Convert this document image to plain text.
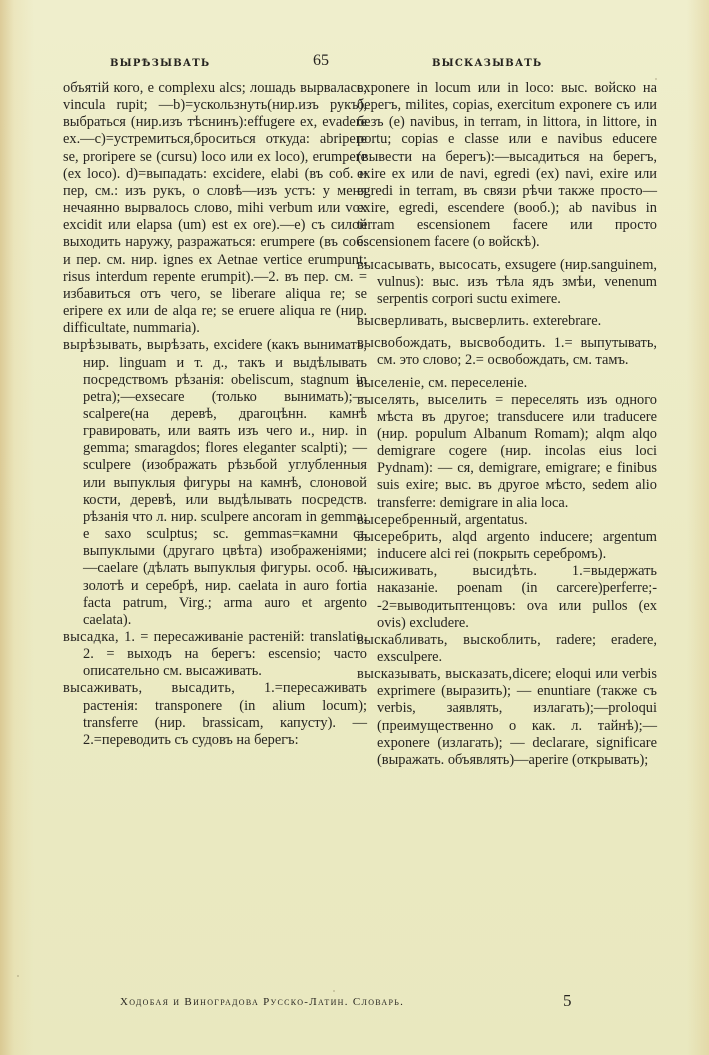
ВЫРѢЗЫВАТЬ	65	ВЫСКАЗЫВАТЬ

объятій кого, e complexu alcs; лошадь вырвалась, vincula rupit; —b)=ускользнуть(нир.изъ рукъ), выбраться (нир.изъ тѣснинъ):effugere ex, evadere ex.—c)=устремиться,броситься откуда: abripere se, proripere se (cursu) loco или ex loco), erumpere (ex loco). d)=выпадать: excidere, elabi (въ соб. и пер, см.: изъ рукъ, о словѣ—изъ устъ: у меня нечаянно вырвалось слово, mihi verbum или vox excidit или elapsa (um) est ex ore).—e) съ силой выходить наружу, разражаться: erumpere (въ соб. и пер. см. нир. ignes ex Aetnae vertice erumpunt; risus interdum repente erumpit).—2. въ пер. см. = избавиться отъ чего, se liberare aliqua re; se eripere ex или de alqa re; se eruere aliqua re (нир. difficultate, nummaria).

вырѣзывать, вырѣзать, excidere (какъ вынимать, нир. linguam и т. д., такъ и выдѣлывать посредствомъ рѣзанія: obeliscum, stagnum in petra);—exsecare (только вынимать);—scalpere(на деревѣ, драгоцѣнн. камнѣ гравировать, или ваять изъ чего и., нир. in gemma; smaragdos; flores eleganter scalpti); — sculpere (изображать рѣзьбой углубленныя или выпуклыя фигуры на камнѣ, слоновой кости, деревѣ, или выдѣлывать посредств. рѣзанія что л. нир. sculpere ancoram in gemma; e saxo sculptus; sc. gemmas=камни съ выпуклыми (другаго цвѣта) изображеніями;—caelare (дѣлать выпуклыя фигуры. особ. на золотѣ и серебрѣ, нир. caelata in auro fortia facta patrum, Virg.; arma auro et argento caelata).

высадка, 1. = пересаживаніе растеній: translatio. 2. = выходъ на берегъ: escensio; часто описательно см. высаживать.

высаживать, высадить, 1.=пересаживать растенія: transponere (in alium locum); transferre (нир. brassicam, капусту). —2.=переводить съ судовъ на берегъ:

exponere in locum или in loco: выс. войско на берегъ, milites, copias, exercitum exponere съ или безъ (e) navibus, in terram, in littora, in littore, in portu; copias e classe или e navibus educere (вывести на берегъ):—высадиться на берегъ, exire ex или de navi, egredi (ex) navi, exire или egredi in terram, въ связи рѣчи также просто—exire, egredi, escendere (вооб.); ab navibus in terram escensionem facere или просто escensionem facere (о войскѣ).

высасывать, высосать, exsugere (нир.sanguinem, vulnus): выс. изъ тѣла ядъ змѣи, venenum serpentis corpori suctu eximere.

высверливать, высверлить. exterebrare.

высвобождать, высвободить. 1.= выпутывать, см. это слово; 2.= освобождать, см. тамъ.

выселеніе, см. переселеніе.

выселять, выселить = переселять изъ одного мѣста въ другое; transducere или traducere (нир. populum Albanum Romam); alqm alqo demigrare cogere (нир. incolas eius loci Pydnam): — ся, demigrare, emigrare; e finibus suis exire; выс. въ другое мѣсто, sedem alio transferre: demigrare in alia loca.

высеребренный, argentatus.

высеребрить, alqd argento inducere; argentum inducere alci rei (покрыть серебромъ).

высиживать, высидѣть. 1.=выдержать наказаніе. poenam (in carcere)perferre;--2=выводитьптенцовъ: ova или pullos (ex ovis) excludere.

выскабливать, выскоблить, radere; eradere, exsculpere.

высказывать, высказать,dicere; eloqui или verbis exprimere (выразить); — enuntiare (также съ verbis, заявлять, излагать);—proloqui (преимущественно о как. л. тайнѣ);—exponere (излагать); — declarare, significare (выражать. объявлять)—aperire (открывать);

Ходобая и Виноградова Русско-Латин. Словарь.	5
